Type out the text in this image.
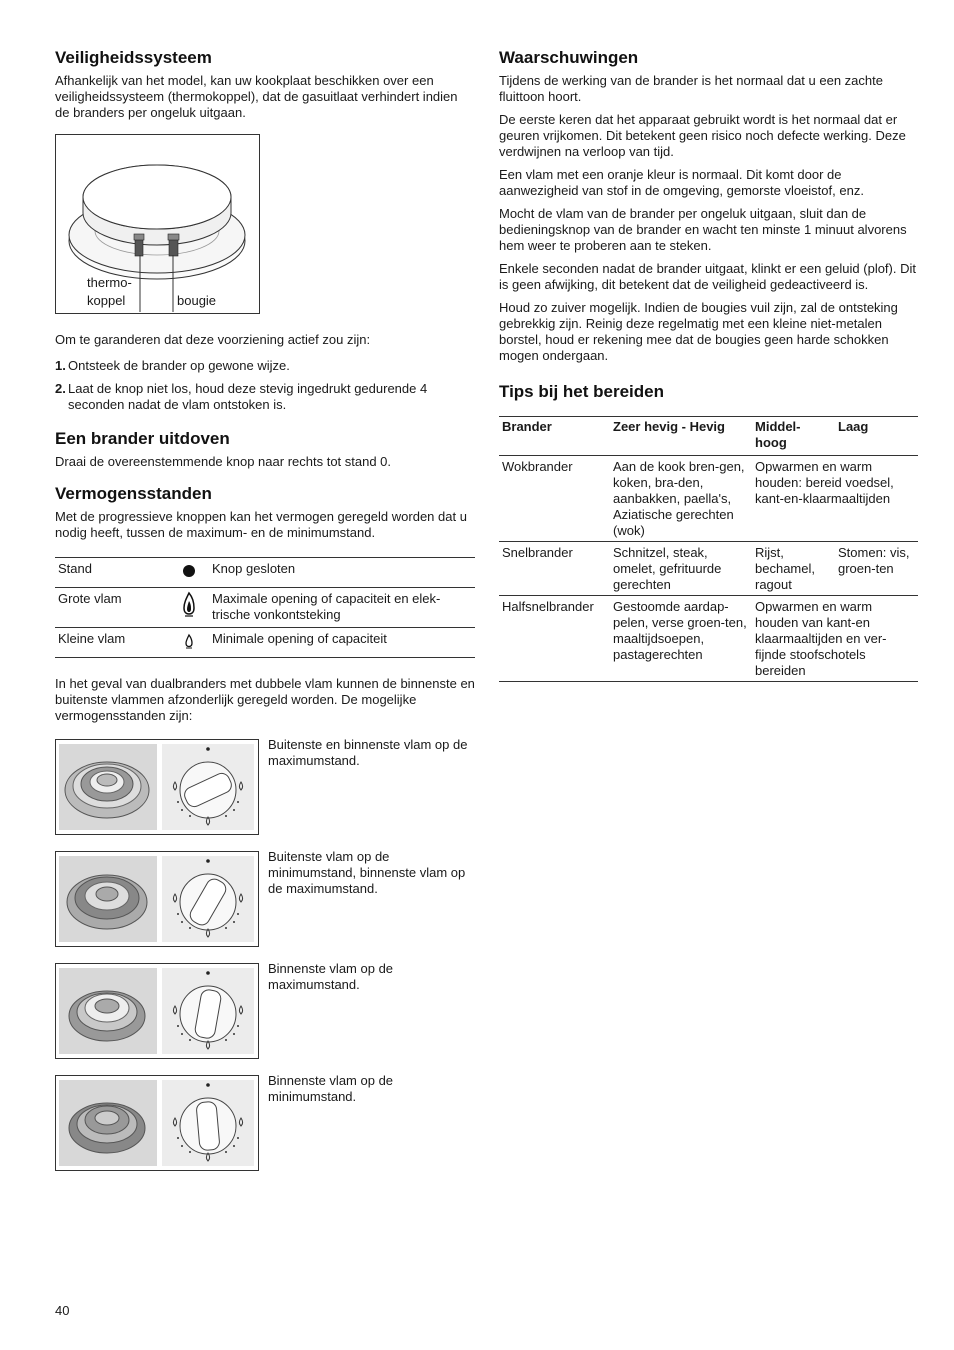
Veiligheidssysteem

Afhankelijk van het model, kan uw kookplaat beschikken over een veiligheidssysteem (thermokoppel), dat de gasuitlaat verhindert indien de branders per ongeluk uitgaan.

thermo-
koppel	bougie

Om te garanderen dat deze voorziening actief zou zijn:

1. Ontsteek de brander op gewone wijze.
2. Laat de knop niet los, houd deze stevig ingedrukt gedurende 4 seconden nadat de vlam ontstoken is.
Een brander uitdoven

Draai de overeenstemmende knop naar rechts tot stand 0.

Vermogensstanden

Met de progressieve knoppen kan het vermogen geregeld worden dat u nodig heeft, tussen de maximum- en de minimumstand.

Stand		Knop gesloten
Grote vlam		Maximale opening of capaciteit en elek-trische vonkontsteking
Kleine vlam		Minimale opening of capaciteit

In het geval van dualbranders met dubbele vlam kunnen de binnenste en buitenste vlammen afzonderlijk geregeld worden. De mogelijke vermogensstanden zijn:

Buitenste en binnenste vlam op de maximumstand.
Buitenste vlam op de minimumstand, binnenste vlam op de maximumstand.
Binnenste vlam op de maximumstand.
Binnenste vlam op de minimumstand.
Waarschuwingen

Tijdens de werking van de brander is het normaal dat u een zachte fluittoon hoort.

De eerste keren dat het apparaat gebruikt wordt is het normaal dat er geuren vrijkomen. Dit betekent geen risico noch defecte werking. Deze verdwijnen na verloop van tijd.

Een vlam met een oranje kleur is normaal. Dit komt door de aanwezigheid van stof in de omgeving, gemorste vloeistof, enz.

Mocht de vlam van de brander per ongeluk uitgaan, sluit dan de bedieningsknop van de brander en wacht ten minste 1 minuut alvorens hem weer te proberen aan te steken.

Enkele seconden nadat de brander uitgaat, klinkt er een geluid (plof). Dit is geen afwijking, dit betekent dat de veiligheid gedeactiveerd is.

Houd zo zuiver mogelijk. Indien de bougies vuil zijn, zal de ontsteking gebrekkig zijn. Reinig deze regelmatig met een kleine niet-metalen borstel, houd er rekening mee dat de bougies geen harde schokken mogen ondergaan.

Tips bij het bereiden
Brander	Zeer hevig - Hevig	Middel-hoog	Laag
Wokbrander	Aan de kook bren-gen, koken, bra-den, aanbakken, paella's, Aziatische gerechten (wok)	Opwarmen en warm houden: bereid voedsel, kant-en-klaarmaaltijden	
Snelbrander	Schnitzel, steak, omelet, gefrituurde gerechten	Rijst, bechamel, ragout	Stomen: vis, groen-ten
Halfsnelbrander	Gestoomde aardap-pelen, verse groen-ten, maaltijdsoepen, pastagerechten	Opwarmen en warm houden van kant-en klaarmaaltijden en ver-fijnde stoofschotels bereiden	
40
